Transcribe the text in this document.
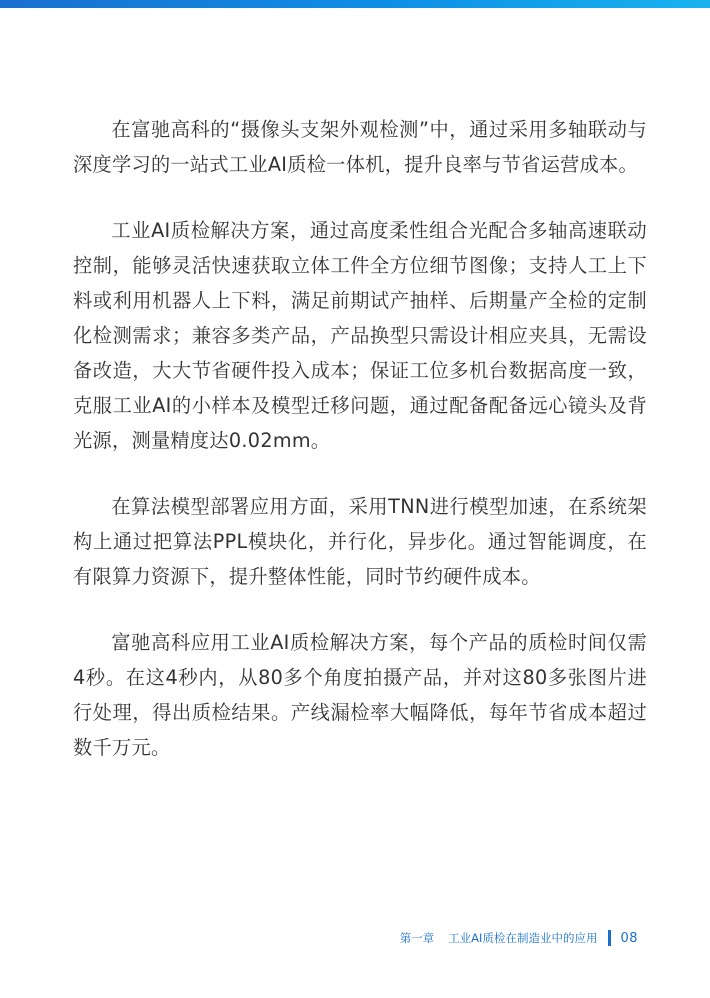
在富驰高科的“摄像头支架外观检测”中，通过采用多轴联动与深度学习的一站式工业AI质检一体机，提升良率与节省运营成本。

工业AI质检解决方案，通过高度柔性组合光配合多轴高速联动控制，能够灵活快速获取立体工件全方位细节图像；支持人工上下料或利用机器人上下料，满足前期试产抽样、后期量产全检的定制化检测需求；兼容多类产品，产品换型只需设计相应夹具，无需设备改造，大大节省硬件投入成本；保证工位多机台数据高度一致，克服工业AI的小样本及模型迁移问题，通过配备配备远心镜头及背光源，测量精度达0.02mm。

在算法模型部署应用方面，采用TNN进行模型加速，在系统架构上通过把算法PPL模块化，并行化，异步化。通过智能调度，在有限算力资源下，提升整体性能，同时节约硬件成本。

富驰高科应用工业AI质检解决方案，每个产品的质检时间仅需4秒。在这4秒内，从80多个角度拍摄产品，并对这80多张图片进行处理，得出质检结果。产线漏检率大幅降低，每年节省成本超过数千万元。

第一章 工业AI质检在制造业中的应用 08
